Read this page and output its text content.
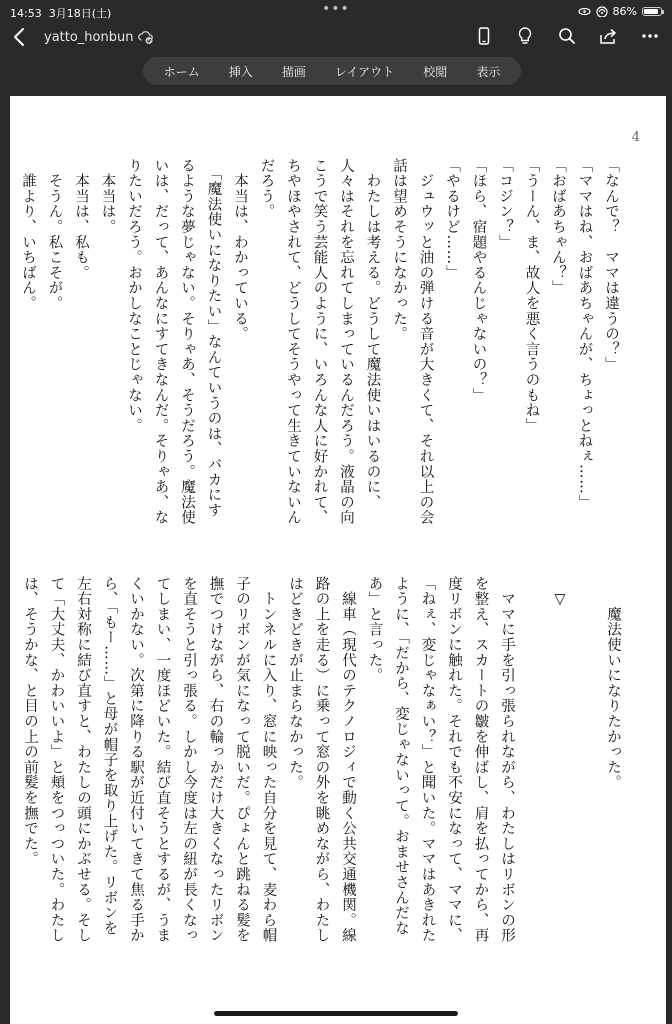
14:53 3月18日(土)	•••	86%
yatto_honbun
ホーム	挿入	描画	レイアウト	校閲	表示
4
「なんで？　ママは違うの？」
「ママはね、おばあちゃんが、ちょっとねぇ……」
「おばあちゃん？」
「うーん、ま、故人を悪く言うのもね」
「コジン？」
「ほら、宿題やるんじゃないの？」
「やるけど……」
　ジュウッと油の弾ける音が大きくて、それ以上の会
話は望めそうになかった。
　わたしは考える。どうして魔法使いはいるのに、
人々はそれを忘れてしまっているんだろう。液晶の向
こうで笑う芸能人のように、いろんな人に好かれて、
ちやほやされて、どうしてそうやって生きていないん
だろう。
　本当は、わかっている。
　「魔法使いになりたい」なんていうのは、バカにす
るような夢じゃない。そりゃあ、そうだろう。魔法使
いは、だって、あんなにすてきなんだ。そりゃあ、な
りたいだろう。おかしなことじゃない。
　本当は。
　本当は、私も。
　そうん。私こそが。
　誰より、いちばん。
　　魔法使いになりたかった。

　▽

　ママに手を引っ張られながら、わたしはリボンの形
を整え、スカートの皺を伸ばし、肩を払ってから、再
度リボンに触れた。それでも不安になって、ママに、
「ねぇ、変じゃなぁい？」と聞いた。ママはあきれた
ように、「だから、変じゃないって。おませさんだな
あ」と言った。
　線車（現代のテクノロジィで動く公共交通機関。線
路の上を走る）に乗って窓の外を眺めながら、わたし
はどきどきが止まらなかった。
　トンネルに入り、窓に映った自分を見て、麦わら帽
子のリボンが気になって脱いだ。ぴょんと跳ねる髪を
撫でつけながら、右の輪っかだけ大きくなったリボン
を直そうと引っ張る。しかし今度は左の紐が長くなっ
てしまい、一度ほどいた。結び直そうとするが、うま
くいかない。次第に降りる駅が近付いてきて焦る手か
ら、「もー……」と母が帽子を取り上げた。リボンを
左右対称に結び直すと、わたしの頭にかぶせる。そし
て「大丈夫、かわいいよ」と頬をつっついた。わたし
は、そうかな、と目の上の前髪を撫でた。
